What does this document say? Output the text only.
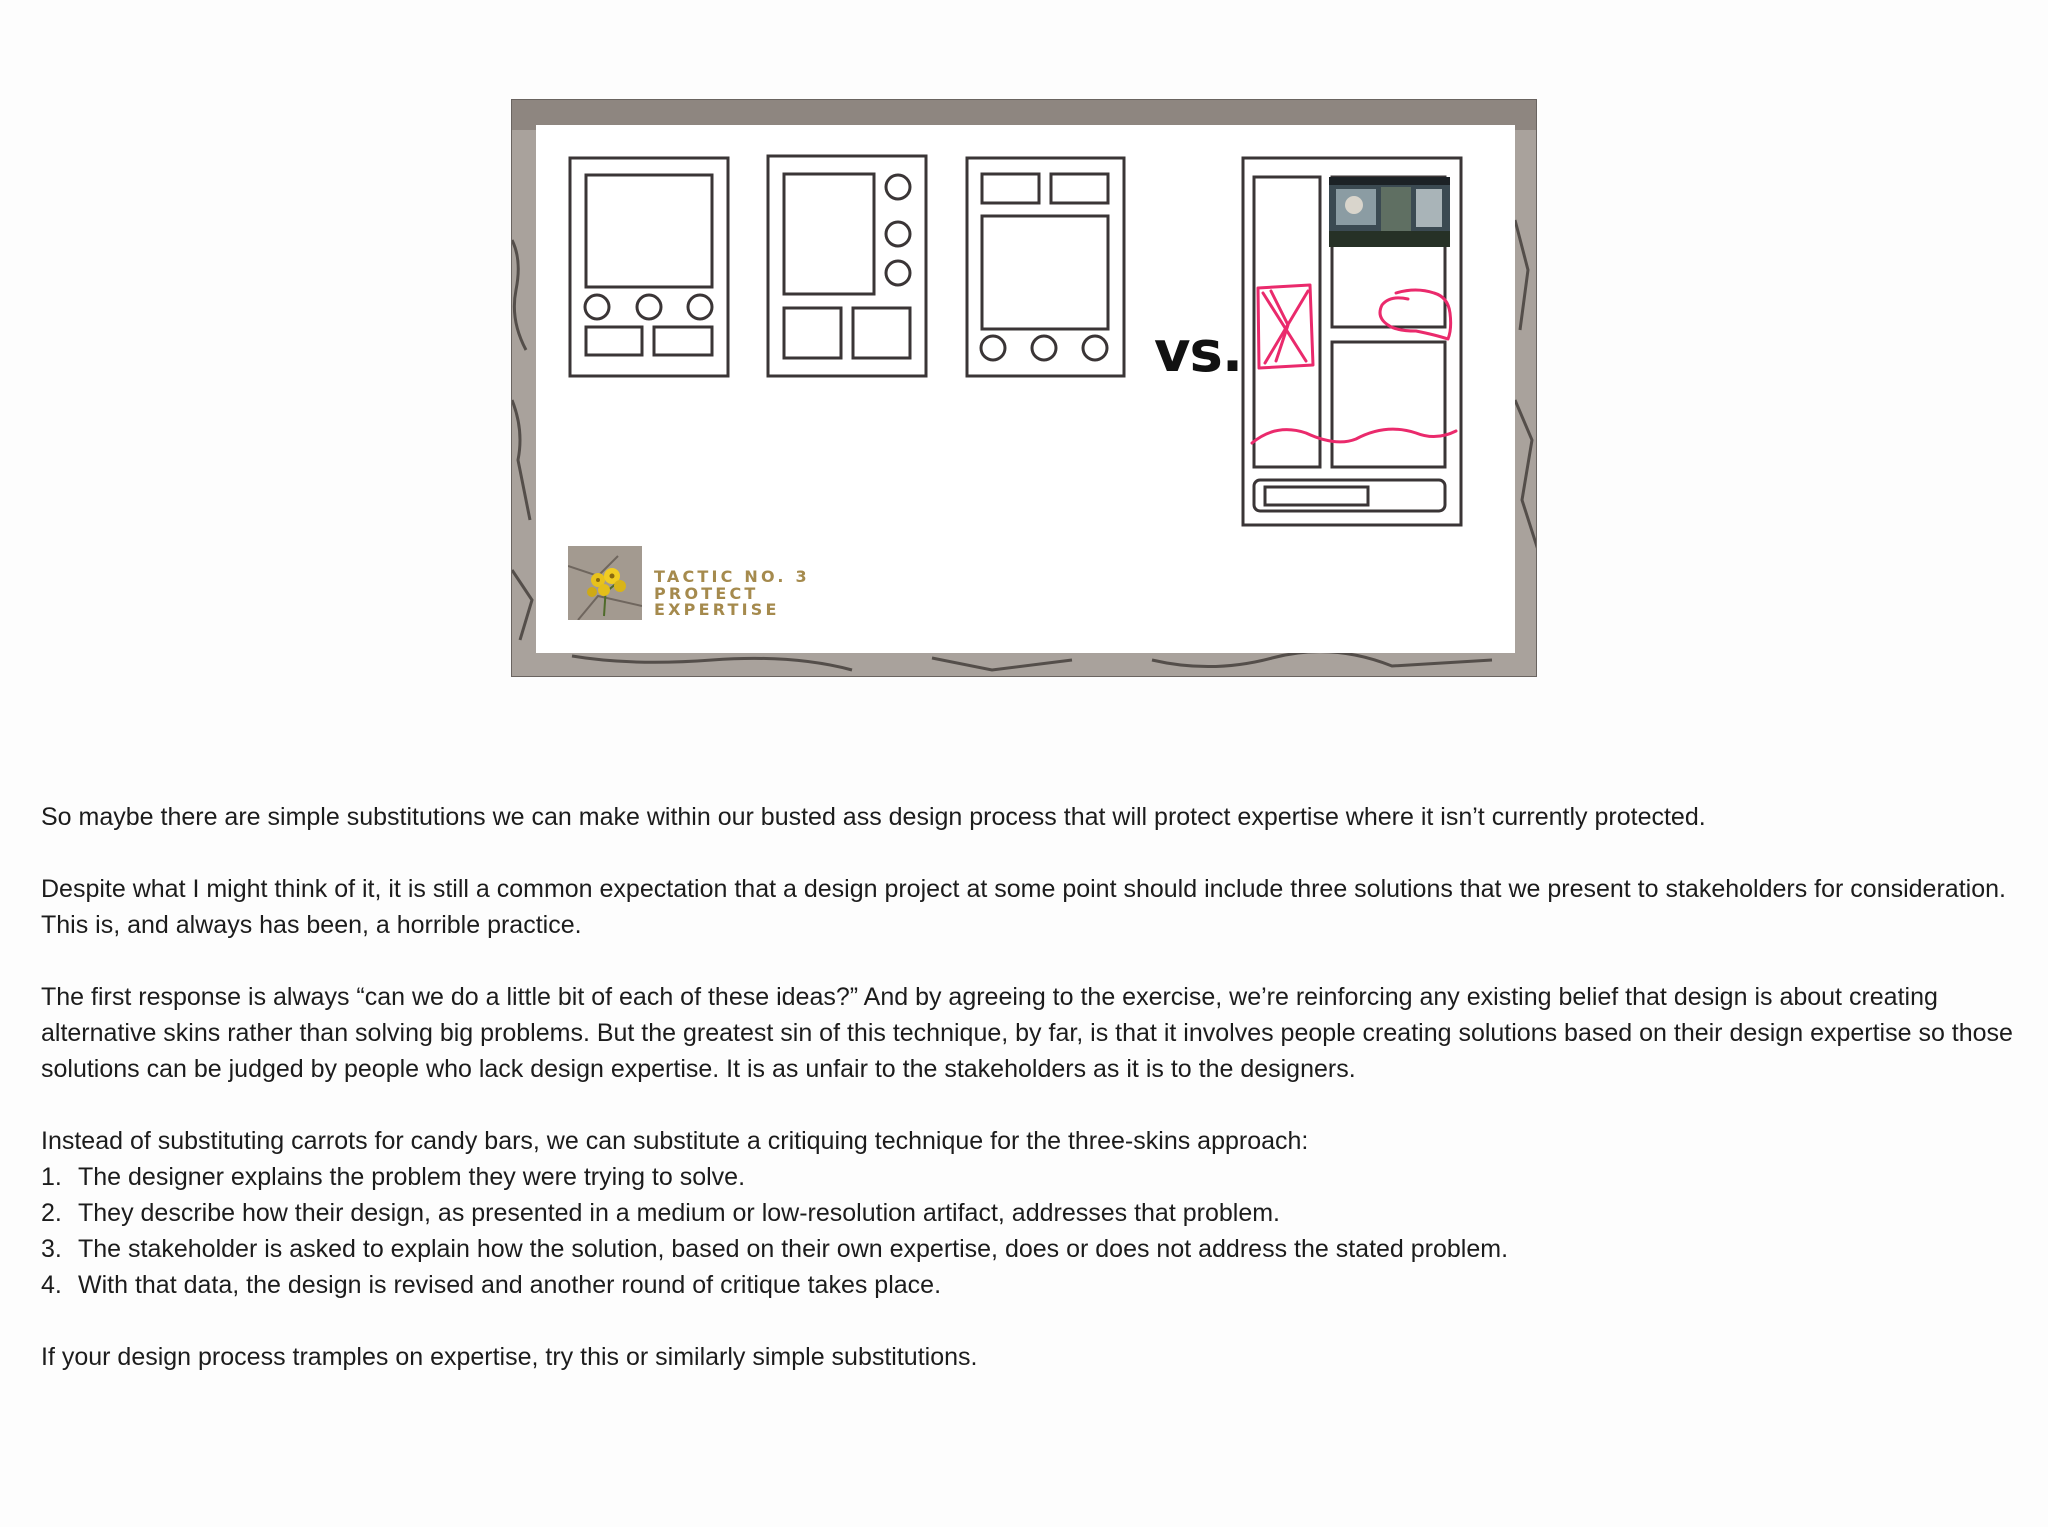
vs.
TACTIC NO. 3
PROTECT
EXPERTISE

So maybe there are simple substitutions we can make within our busted ass design process that will protect expertise where it isn’t currently protected.

Despite what I might think of it, it is still a common expectation that a design project at some point should include three solutions that we present to stakeholders for consideration. This is, and always has been, a horrible practice.

The first response is always “can we do a little bit of each of these ideas?” And by agreeing to the exercise, we’re reinforcing any existing belief that design is about creating alternative skins rather than solving big problems. But the greatest sin of this technique, by far, is that it involves people creating solutions based on their design expertise so those solutions can be judged by people who lack design expertise. It is as unfair to the stakeholders as it is to the designers.

Instead of substituting carrots for candy bars, we can substitute a critiquing technique for the three-skins approach:
1. The designer explains the problem they were trying to solve.
2. They describe how their design, as presented in a medium or low-resolution artifact, addresses that problem.
3. The stakeholder is asked to explain how the solution, based on their own expertise, does or does not address the stated problem.
4. With that data, the design is revised and another round of critique takes place.

If your design process tramples on expertise, try this or similarly simple substitutions.
